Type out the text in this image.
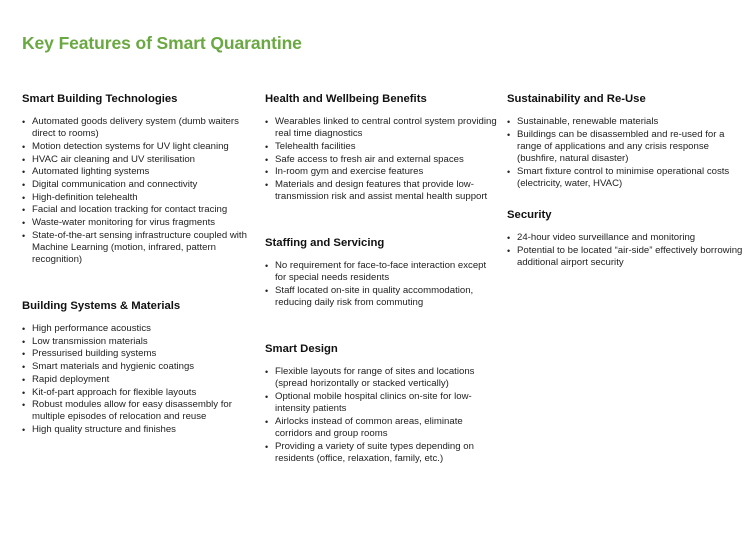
Key Features of Smart Quarantine
Smart Building Technologies
• Automated goods delivery system (dumb waiters direct to rooms)
• Motion detection systems for UV light cleaning
• HVAC air cleaning and UV sterilisation
• Automated lighting systems
• Digital communication and connectivity
• High-definition telehealth
• Facial and location tracking for contact tracing
• Waste-water monitoring for virus fragments
• State-of-the-art sensing infrastructure coupled with Machine Learning (motion, infrared, pattern recognition)
Building Systems & Materials
• High performance acoustics
• Low transmission materials
• Pressurised building systems
• Smart materials and hygienic coatings
• Rapid deployment
• Kit-of-part approach for flexible layouts
• Robust modules allow for easy disassembly for multiple episodes of relocation and reuse
• High quality structure and finishes
Health and Wellbeing Benefits
• Wearables linked to central control system providing real time diagnostics
• Telehealth facilities
• Safe access to fresh air and external spaces
• In-room gym and exercise features
• Materials and design features that provide low-transmission risk and assist mental health support
Staffing and Servicing
• No requirement for face-to-face interaction except for special needs residents
• Staff located on-site in quality accommodation, reducing daily risk from commuting
Smart Design
• Flexible layouts for range of sites and locations (spread horizontally or stacked vertically)
• Optional mobile hospital clinics on-site for low-intensity patients
• Airlocks instead of common areas, eliminate corridors and group rooms
• Providing a variety of suite types depending on residents (office, relaxation, family, etc.)
Sustainability and Re-Use
• Sustainable, renewable materials
• Buildings can be disassembled and re-used for a range of applications and any crisis response (bushfire, natural disaster)
• Smart fixture control to minimise operational costs (electricity, water, HVAC)
Security
• 24-hour video surveillance and monitoring
• Potential to be located “air-side” effectively borrowing additional airport security
